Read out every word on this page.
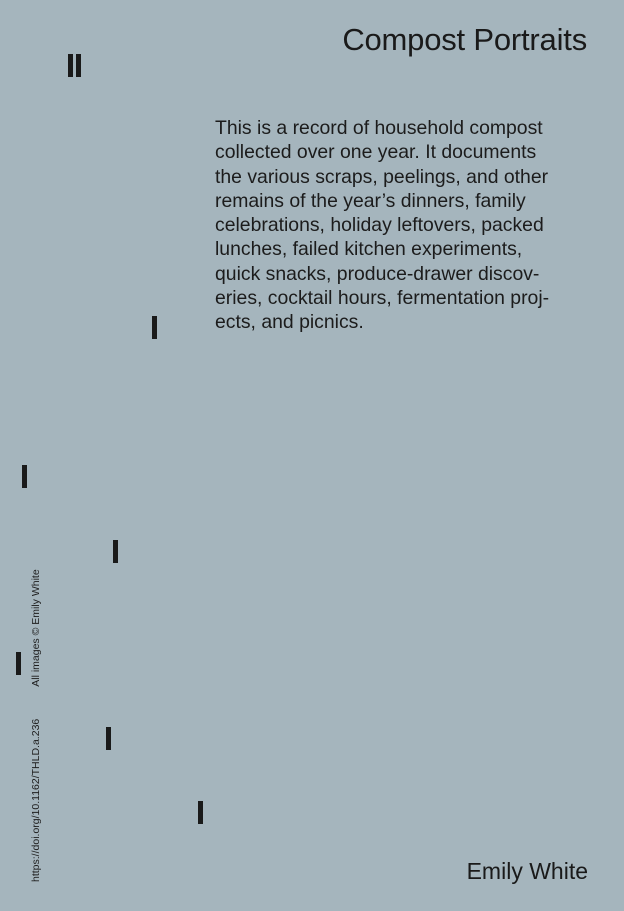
Compost Portraits
This is a record of household compost
collected over one year. It documents
the various scraps, peelings, and other
remains of the year’s dinners, family
celebrations, holiday leftovers, packed
lunches, failed kitchen experiments,
quick snacks, produce-drawer discov-
eries, cocktail hours, fermentation proj-
ects, and picnics.
https://doi.org/10.1162/THLD.a.236All images © Emily White
Emily White
